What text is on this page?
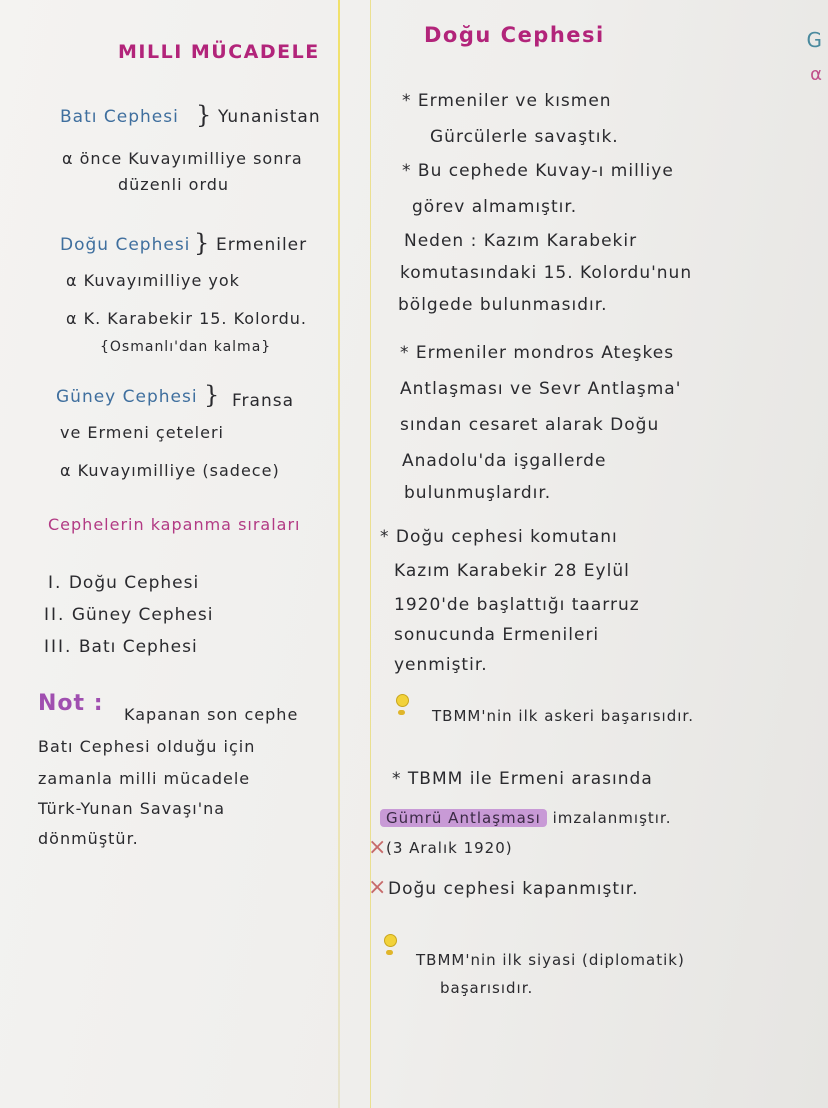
MILLI MÜCADELE
Batı Cephesi } Yunanistan
α önce Kuvayımilliye sonra
düzenli ordu
Doğu Cephesi } Ermeniler
α Kuvayımilliye yok
α K. Karabekir 15. Kolordu.
{Osmanlı'dan kalma}
Güney Cephesi } Fransa
ve Ermeni çeteleri
α Kuvayımilliye (sadece)
Cephelerin kapanma sıraları
I. Doğu Cephesi
II. Güney Cephesi
III. Batı Cephesi
Not : Kapanan son cephe
Batı Cephesi olduğu için
zamanla milli mücadele
Türk-Yunan Savaşı'na
dönmüştür.
Doğu Cephesi	G
α
* Ermeniler ve kısmen
Gürcülerle savaştık.
* Bu cephede Kuvay-ı milliye
görev almamıştır.
Neden : Kazım Karabekir
komutasındaki 15. Kolordu'nun
bölgede bulunmasıdır.
* Ermeniler mondros Ateşkes
Antlaşması ve Sevr Antlaşma'
sından cesaret alarak Doğu
Anadolu'da işgallerde
bulunmuşlardır.
* Doğu cephesi komutanı
Kazım Karabekir 28 Eylül
1920'de başlattığı taarruz
sonucunda Ermenileri
yenmiştir.
TBMM'nin ilk askeri başarısıdır.
* TBMM ile Ermeni arasında
Gümrü Antlaşması imzalanmıştır.
(3 Aralık 1920)
×
× Doğu cephesi kapanmıştır.
TBMM'nin ilk siyasi (diplomatik)
başarısıdır.
